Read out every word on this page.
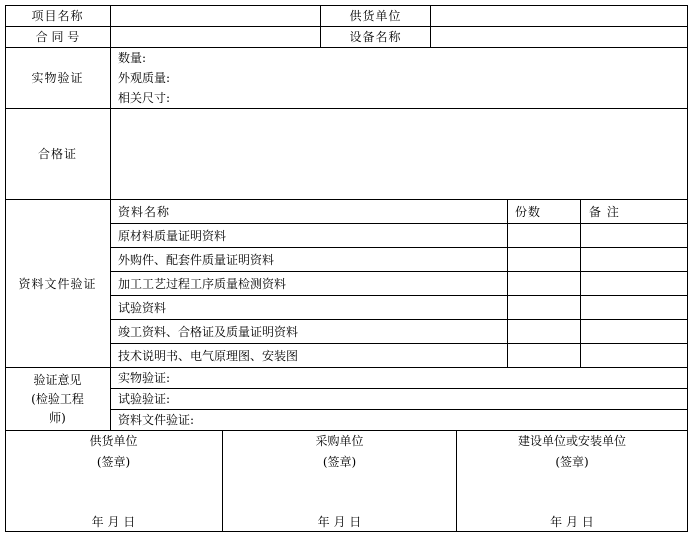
项目名称	供货单位
合 同 号	设备名称
实物验证
数量:
外观质量:
相关尺寸:
合格证
资料文件验证
资料名称	份数	备 注
原材料质量证明资料
外购件、配套件质量证明资料
加工工艺过程工序质量检测资料
试验资料
竣工资料、合格证及质量证明资料
技术说明书、电气原理图、安装图
验证意见
(检验工程
师)
实物验证:
试验验证:
资料文件验证:
供货单位
(签章)
年 月 日
采购单位
(签章)
年 月 日
建设单位或安装单位
(签章)
年 月 日
